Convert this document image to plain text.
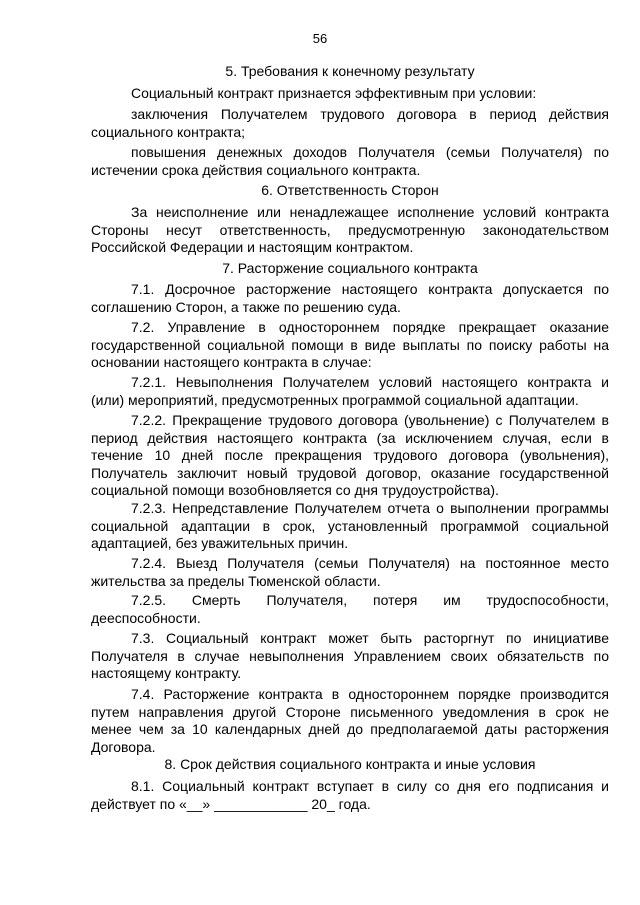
56
5. Требования к конечному результату
Социальный контракт признается эффективным при условии:
заключения Получателем трудового договора в период действия социального контракта;
повышения денежных доходов Получателя (семьи Получателя) по истечении срока действия социального контракта.
6. Ответственность Сторон
За неисполнение или ненадлежащее исполнение условий контракта Стороны несут ответственность, предусмотренную законодательством Российской Федерации и настоящим контрактом.
7. Расторжение социального контракта
7.1. Досрочное расторжение настоящего контракта допускается по соглашению Сторон, а также по решению суда.
7.2. Управление в одностороннем порядке прекращает оказание государственной социальной помощи в виде выплаты по поиску работы на основании настоящего контракта в случае:
7.2.1. Невыполнения Получателем условий настоящего контракта и (или) мероприятий, предусмотренных программой социальной адаптации.
7.2.2. Прекращение трудового договора (увольнение) с Получателем в период действия настоящего контракта (за исключением случая, если в течение 10 дней после прекращения трудового договора (увольнения), Получатель заключит новый трудовой договор, оказание государственной социальной помощи возобновляется со дня трудоустройства).
7.2.3. Непредставление Получателем отчета о выполнении программы социальной адаптации в срок, установленный программой социальной адаптацией, без уважительных причин.
7.2.4. Выезд Получателя (семьи Получателя) на постоянное место жительства за пределы Тюменской области.
7.2.5. Смерть Получателя, потеря им трудоспособности, дееспособности.
7.3. Социальный контракт может быть расторгнут по инициативе Получателя в случае невыполнения Управлением своих обязательств по настоящему контракту.
7.4. Расторжение контракта в одностороннем порядке производится путем направления другой Стороне письменного уведомления в срок не менее чем за 10 календарных дней до предполагаемой даты расторжения Договора.
8. Срок действия социального контракта и иные условия
8.1. Социальный контракт вступает в силу со дня его подписания и действует по «__» ____________ 20_ года.
